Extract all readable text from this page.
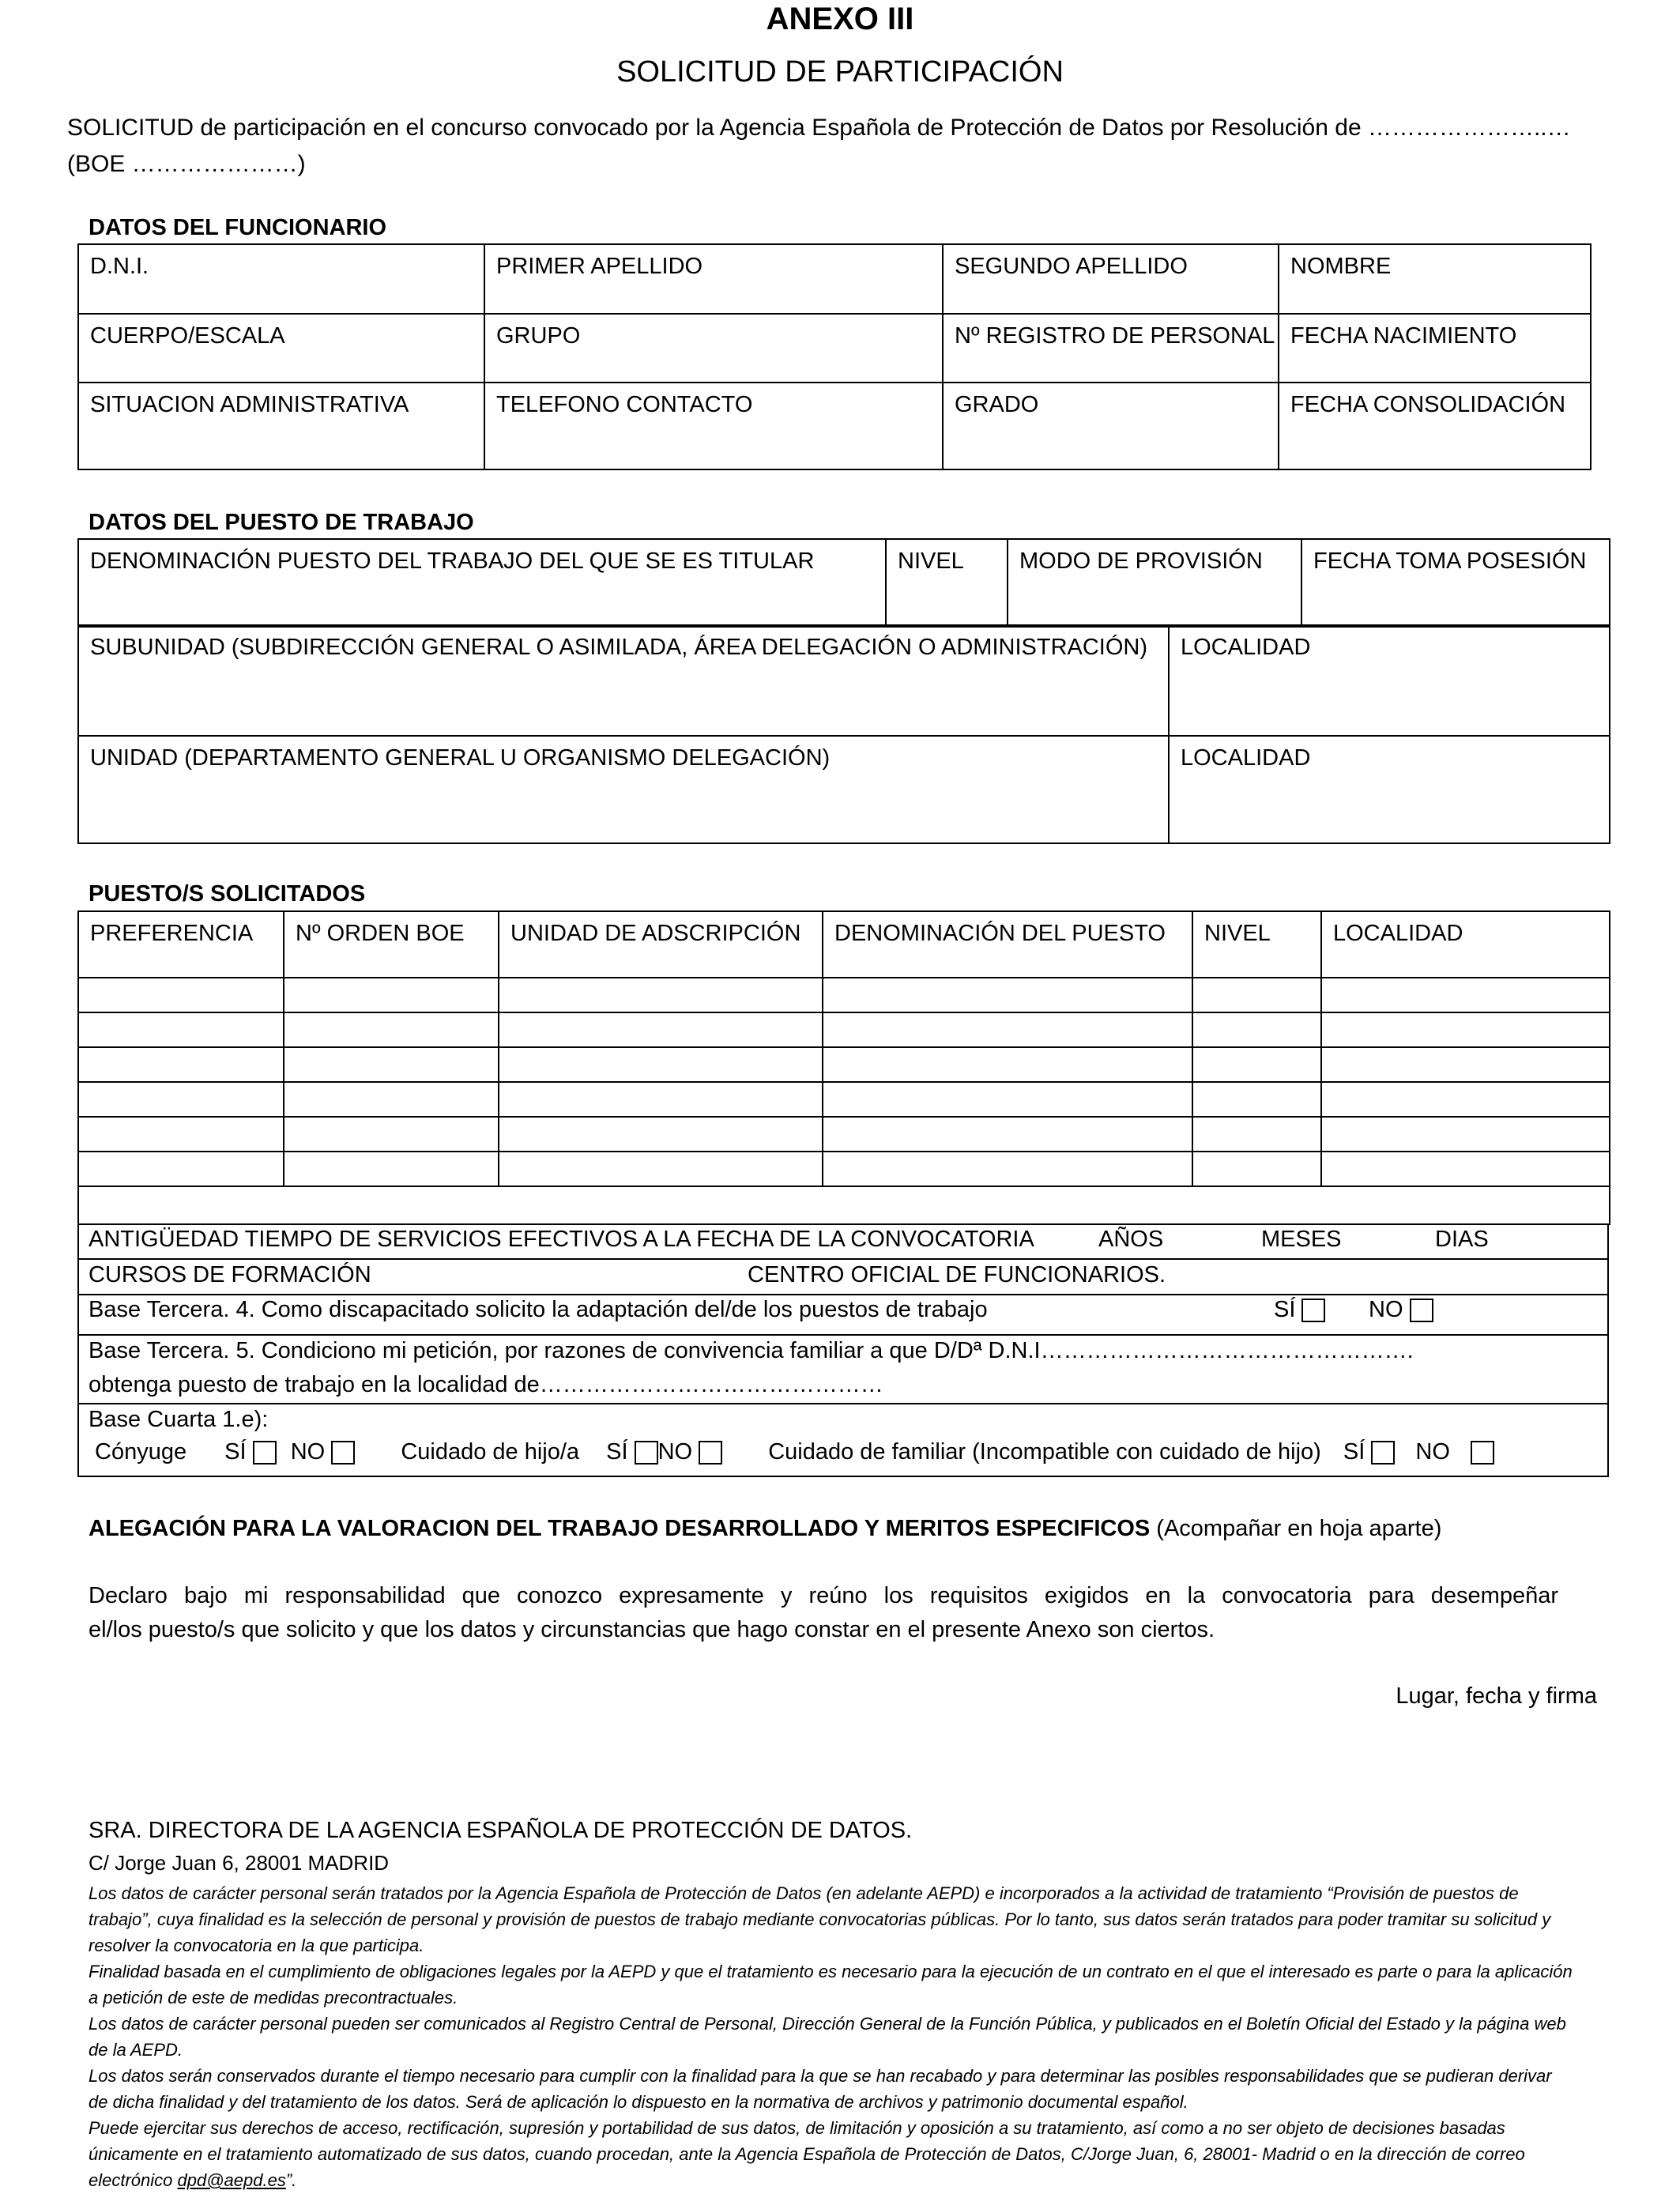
ANEXO III
SOLICITUD DE PARTICIPACIÓN
SOLICITUD de participación en el concurso convocado por la Agencia Española de Protección de Datos por Resolución de …………………..…
(BOE …………………)
DATOS DEL FUNCIONARIO
D.N.I.	PRIMER APELLIDO	SEGUNDO APELLIDO	NOMBRE
CUERPO/ESCALA	GRUPO	Nº REGISTRO DE PERSONAL	FECHA NACIMIENTO
SITUACION ADMINISTRATIVA	TELEFONO CONTACTO	GRADO	FECHA CONSOLIDACIÓN
DATOS DEL PUESTO DE TRABAJO
DENOMINACIÓN PUESTO DEL TRABAJO DEL QUE SE ES TITULAR	NIVEL	MODO DE PROVISIÓN	FECHA TOMA POSESIÓN
SUBUNIDAD (SUBDIRECCIÓN GENERAL O ASIMILADA, ÁREA DELEGACIÓN O ADMINISTRACIÓN)	LOCALIDAD
UNIDAD (DEPARTAMENTO GENERAL U ORGANISMO DELEGACIÓN)	LOCALIDAD
PUESTO/S SOLICITADOS
PREFERENCIA	Nº ORDEN BOE	UNIDAD DE ADSCRIPCIÓN	DENOMINACIÓN DEL PUESTO	NIVEL	LOCALIDAD

ANTIGÜEDAD TIEMPO DE SERVICIOS EFECTIVOS A LA FECHA DE LA CONVOCATORIA	AÑOS	MESES	DIAS
CURSOS DE FORMACIÓN	CENTRO OFICIAL DE FUNCIONARIOS.
Base Tercera. 4. Como discapacitado solicito la adaptación del/de los puestos de trabajo	SÍ	NO
Base Tercera. 5. Condiciono mi petición, por razones de convivencia familiar a que D/Dª D.N.I………………………………………….
obtenga puesto de trabajo en la localidad de………………………………………
Base Cuarta 1.e):
Cónyuge SÍ NO	Cuidado de hijo/a SÍ NO	Cuidado de familiar (Incompatible con cuidado de hijo) SÍ NO
ALEGACIÓN PARA LA VALORACION DEL TRABAJO DESARROLLADO Y MERITOS ESPECIFICOS (Acompañar en hoja aparte)
Declaro bajo mi responsabilidad que conozco expresamente y reúno los requisitos exigidos en la convocatoria para desempeñar
el/los puesto/s que solicito y que los datos y circunstancias que hago constar en el presente Anexo son ciertos.
Lugar, fecha y firma
SRA. DIRECTORA DE LA AGENCIA ESPAÑOLA DE PROTECCIÓN DE DATOS.
C/ Jorge Juan 6, 28001 MADRID

Los datos de carácter personal serán tratados por la Agencia Española de Protección de Datos (en adelante AEPD) e incorporados a la actividad de tratamiento “Provisión de puestos de trabajo”, cuya finalidad es la selección de personal y provisión de puestos de trabajo mediante convocatorias públicas. Por lo tanto, sus datos serán tratados para poder tramitar su solicitud y resolver la convocatoria en la que participa.

Finalidad basada en el cumplimiento de obligaciones legales por la AEPD y que el tratamiento es necesario para la ejecución de un contrato en el que el interesado es parte o para la aplicación a petición de este de medidas precontractuales.

Los datos de carácter personal pueden ser comunicados al Registro Central de Personal, Dirección General de la Función Pública, y publicados en el Boletín Oficial del Estado y la página web de la AEPD.

Los datos serán conservados durante el tiempo necesario para cumplir con la finalidad para la que se han recabado y para determinar las posibles responsabilidades que se pudieran derivar de dicha finalidad y del tratamiento de los datos. Será de aplicación lo dispuesto en la normativa de archivos y patrimonio documental español.

Puede ejercitar sus derechos de acceso, rectificación, supresión y portabilidad de sus datos, de limitación y oposición a su tratamiento, así como a no ser objeto de decisiones basadas únicamente en el tratamiento automatizado de sus datos, cuando procedan, ante la Agencia Española de Protección de Datos, C/Jorge Juan, 6, 28001- Madrid o en la dirección de correo electrónico dpd@aepd.es”.
